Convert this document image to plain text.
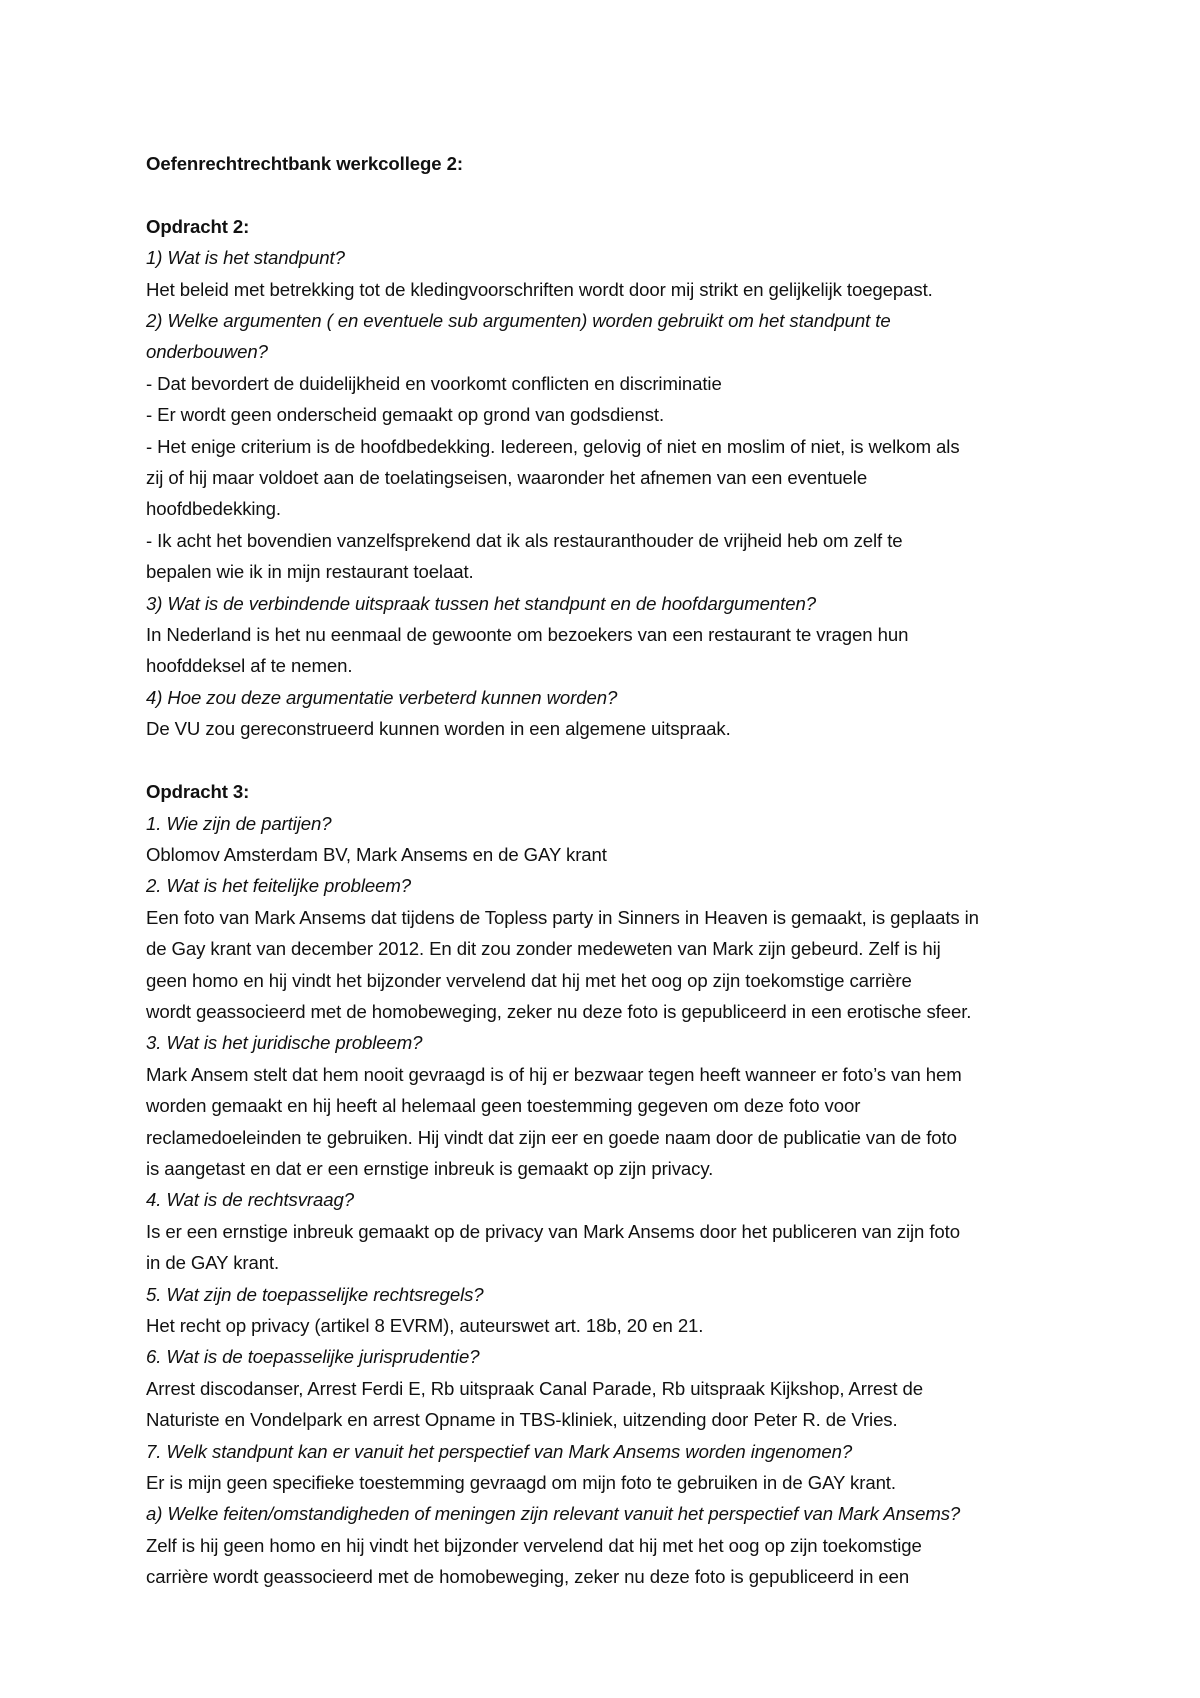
Oefenrechtrechtbank werkcollege 2:

Opdracht 2:

1) Wat is het standpunt?

Het beleid met betrekking tot de kledingvoorschriften wordt door mij strikt en gelijkelijk toegepast.

2) Welke argumenten ( en eventuele sub argumenten) worden gebruikt om het standpunt te

onderbouwen?

- Dat bevordert de duidelijkheid en voorkomt conflicten en discriminatie

- Er wordt geen onderscheid gemaakt op grond van godsdienst.

- Het enige criterium is de hoofdbedekking. Iedereen, gelovig of niet en moslim of niet, is welkom als

zij of hij maar voldoet aan de toelatingseisen, waaronder het afnemen van een eventuele

hoofdbedekking.

- Ik acht het bovendien vanzelfsprekend dat ik als restauranthouder de vrijheid heb om zelf te

bepalen wie ik in mijn restaurant toelaat.

3) Wat is de verbindende uitspraak tussen het standpunt en de hoofdargumenten?

In Nederland is het nu eenmaal de gewoonte om bezoekers van een restaurant te vragen hun

hoofddeksel af te nemen.

4) Hoe zou deze argumentatie verbeterd kunnen worden?

De VU zou gereconstrueerd kunnen worden in een algemene uitspraak.

Opdracht 3:

1. Wie zijn de partijen?

Oblomov Amsterdam BV, Mark Ansems en de GAY krant

2. Wat is het feitelijke probleem?

Een foto van Mark Ansems dat tijdens de Topless party in Sinners in Heaven is gemaakt, is geplaats in

de Gay krant van december 2012. En dit zou zonder medeweten van Mark zijn gebeurd. Zelf is hij

geen homo en hij vindt het bijzonder vervelend dat hij met het oog op zijn toekomstige carrière

wordt geassocieerd met de homobeweging, zeker nu deze foto is gepubliceerd in een erotische sfeer.

3. Wat is het juridische probleem?

Mark Ansem stelt dat hem nooit gevraagd is of hij er bezwaar tegen heeft wanneer er foto’s van hem

worden gemaakt en hij heeft al helemaal geen toestemming gegeven om deze foto voor

reclamedoeleinden te gebruiken. Hij vindt dat zijn eer en goede naam door de publicatie van de foto

is aangetast en dat er een ernstige inbreuk is gemaakt op zijn privacy.

4. Wat is de rechtsvraag?

Is er een ernstige inbreuk gemaakt op de privacy van Mark Ansems door het publiceren van zijn foto

in de GAY krant.

5. Wat zijn de toepasselijke rechtsregels?

Het recht op privacy (artikel 8 EVRM), auteurswet art. 18b, 20 en 21.

6. Wat is de toepasselijke jurisprudentie?

Arrest discodanser, Arrest Ferdi E, Rb uitspraak Canal Parade, Rb uitspraak Kijkshop, Arrest de

Naturiste en Vondelpark en arrest Opname in TBS-kliniek, uitzending door Peter R. de Vries.

7. Welk standpunt kan er vanuit het perspectief van Mark Ansems worden ingenomen?

Er is mijn geen specifieke toestemming gevraagd om mijn foto te gebruiken in de GAY krant.

a) Welke feiten/omstandigheden of meningen zijn relevant vanuit het perspectief van Mark Ansems?

Zelf is hij geen homo en hij vindt het bijzonder vervelend dat hij met het oog op zijn toekomstige

carrière wordt geassocieerd met de homobeweging, zeker nu deze foto is gepubliceerd in een
